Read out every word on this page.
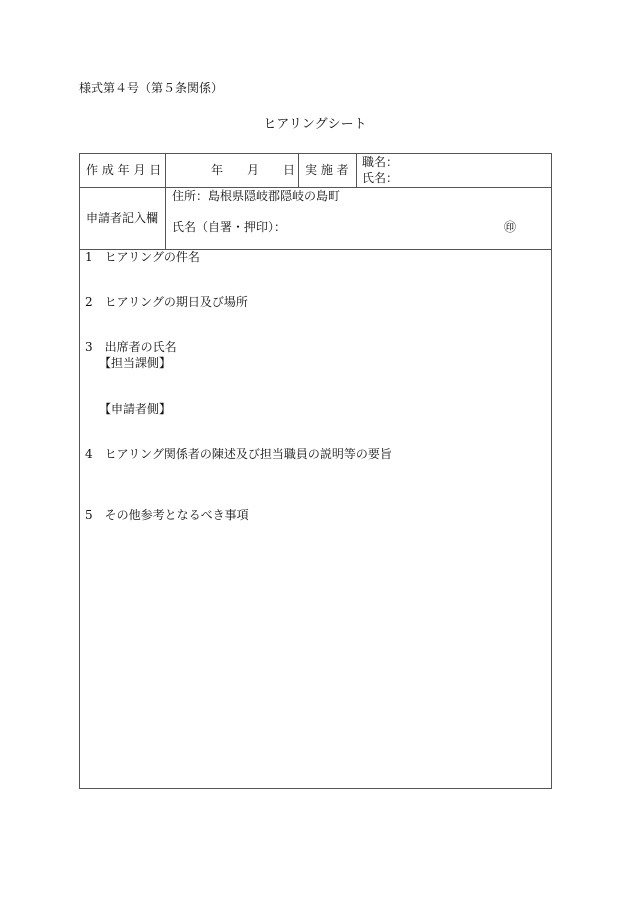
様式第４号（第５条関係）
ヒアリングシート
作 成 年 月 日	年 月 日 実 施 者
職名：
氏名：
申請者記入欄
住所：島根県隠岐郡隠岐の島町
氏名（自署・押印）：	㊞
1　ヒアリングの件名
2　ヒアリングの期日及び場所
3　出席者の氏名
【担当課側】
【申請者側】
4　ヒアリング関係者の陳述及び担当職員の説明等の要旨
5　その他参考となるべき事項
